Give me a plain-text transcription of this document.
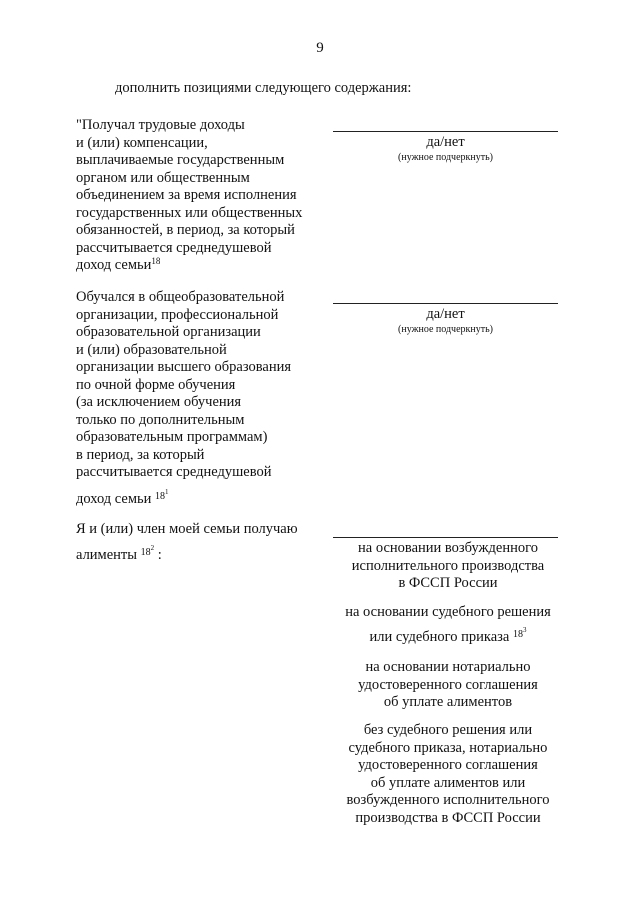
9
дополнить позициями следующего содержания:
"Получал трудовые доходы
и (или) компенсации,
выплачиваемые государственным
органом или общественным
объединением за время исполнения
государственных или общественных
обязанностей, в период, за который
рассчитывается среднедушевой
доход семьи$^{18}$
да/нет
(нужное подчеркнуть)
Обучался в общеобразовательной
организации, профессиональной
образовательной организации
и (или) образовательной
организации высшего образования
по очной форме обучения
(за исключением обучения
только по дополнительным
образовательным программам)
в период, за который
рассчитывается среднедушевой
доход семьи $^{181}$
да/нет
(нужное подчеркнуть)
Я и (или) член моей семьи получаю
алименты $^{182}$ :	на основании возбужденного
исполнительного производства
в ФССП России
на основании судебного решения
или судебного приказа $^{183}$
на основании нотариально
удостоверенного соглашения
об уплате алиментов
без судебного решения или
судебного приказа, нотариально
удостоверенного соглашения
об уплате алиментов или
возбужденного исполнительного
производства в ФССП России
